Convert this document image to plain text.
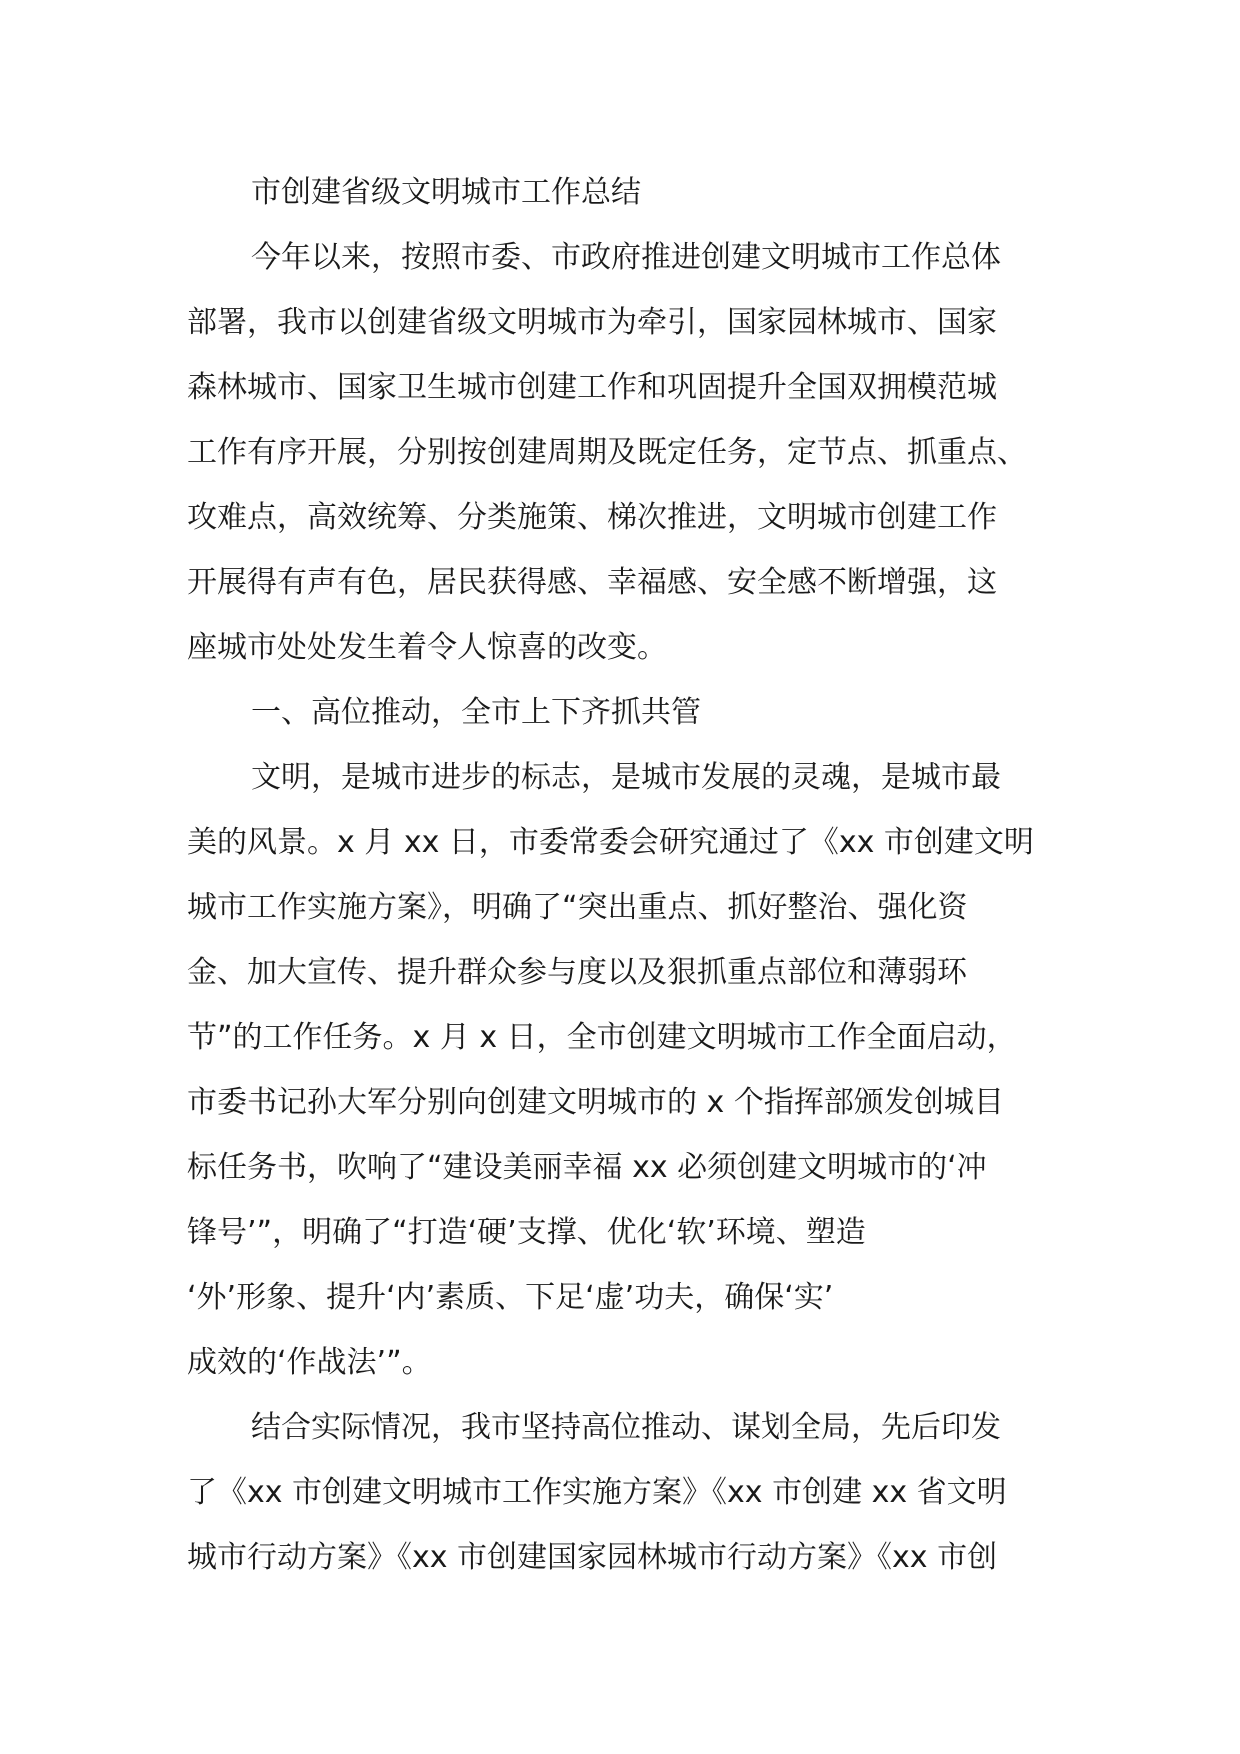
市创建省级文明城市工作总结
今年以来，按照市委、市政府推进创建文明城市工作总体
部署，我市以创建省级文明城市为牵引，国家园林城市、国家
森林城市、国家卫生城市创建工作和巩固提升全国双拥模范城
工作有序开展，分别按创建周期及既定任务，定节点、抓重点、
攻难点，高效统筹、分类施策、梯次推进，文明城市创建工作
开展得有声有色，居民获得感、幸福感、安全感不断增强，这
座城市处处发生着令人惊喜的改变。
一、高位推动，全市上下齐抓共管
文明，是城市进步的标志，是城市发展的灵魂，是城市最
美的风景。x 月 xx 日，市委常委会研究通过了《xx 市创建文明
城市工作实施方案》，明确了“突出重点、抓好整治、强化资
金、加大宣传、提升群众参与度以及狠抓重点部位和薄弱环
节”的工作任务。x 月 x 日，全市创建文明城市工作全面启动，
市委书记孙大军分别向创建文明城市的 x 个指挥部颁发创城目
标任务书，吹响了“建设美丽幸福 xx 必须创建文明城市的‘冲
锋号’”，明确了“打造‘硬’支撑、优化‘软’环境、塑造
‘外’形象、提升‘内’素质、下足‘虚’功夫，确保‘实’
成效的‘作战法’”。
结合实际情况，我市坚持高位推动、谋划全局，先后印发
了《xx 市创建文明城市工作实施方案》《xx 市创建 xx 省文明
城市行动方案》《xx 市创建国家园林城市行动方案》《xx 市创
